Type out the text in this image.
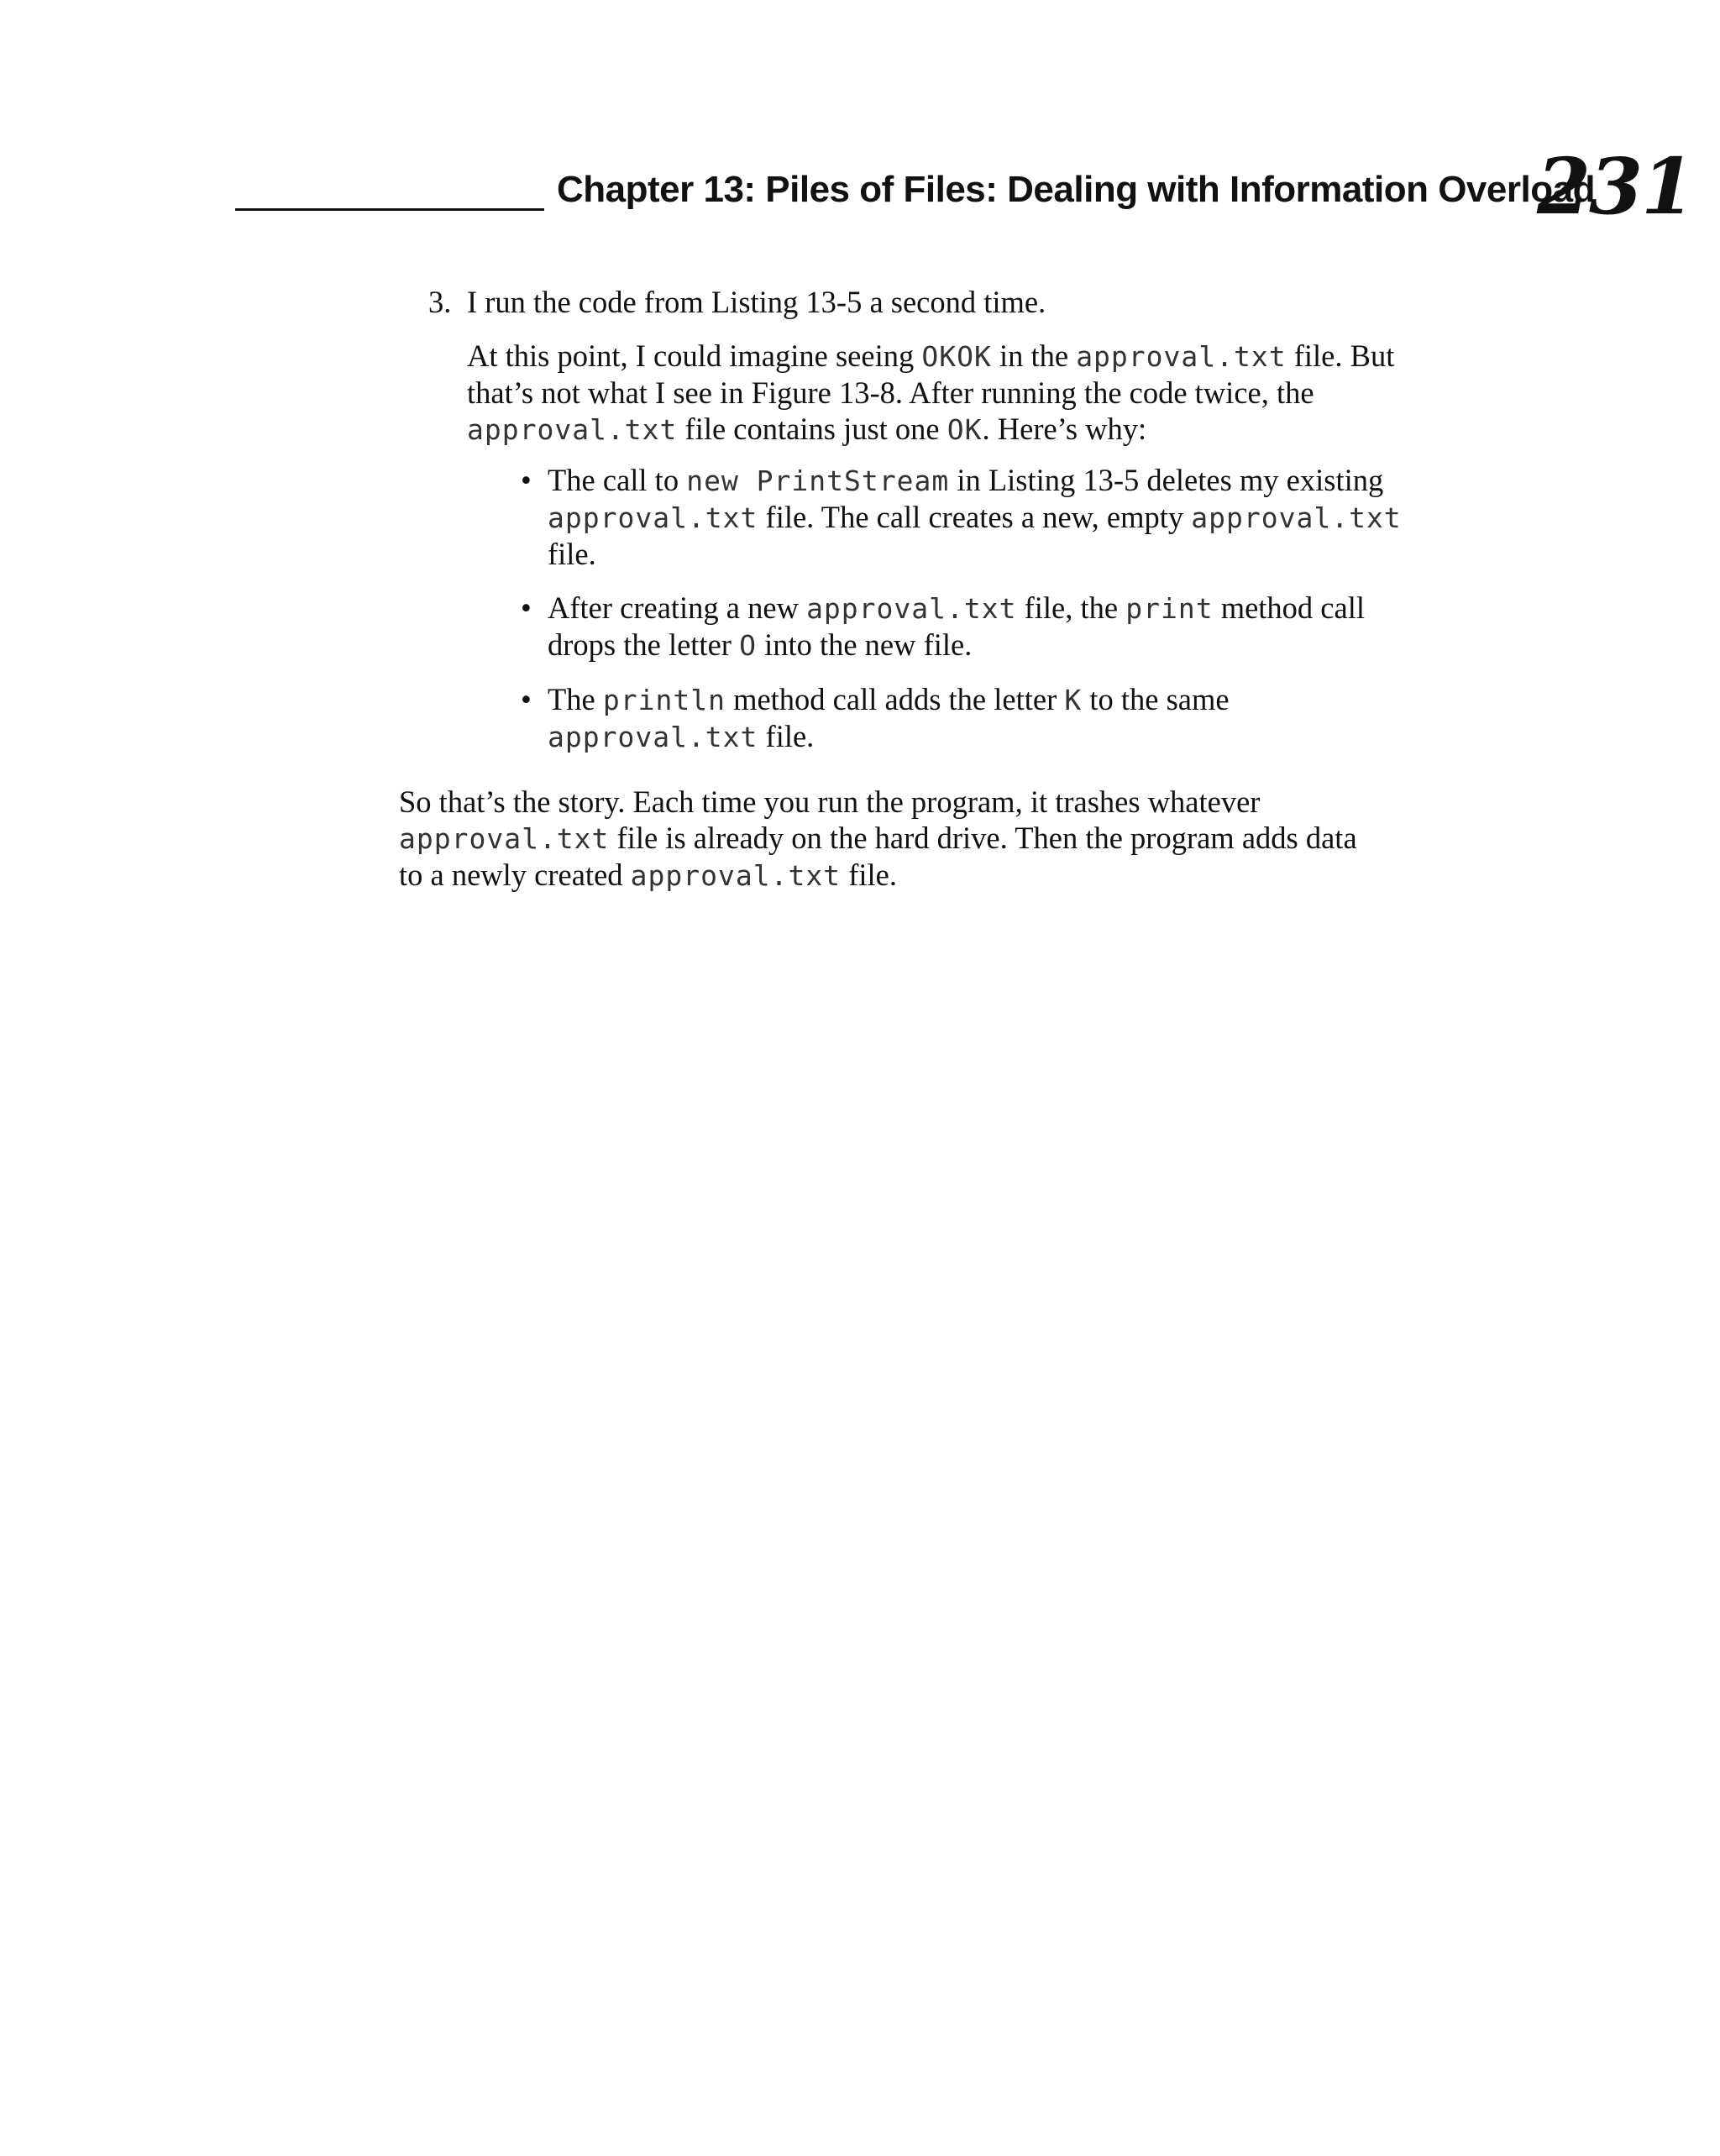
Chapter 13: Piles of Files: Dealing with Information Overload
231
3. I run the code from Listing 13-5 a second time.

At this point, I could imagine seeing OKOK in the approval.txt file. But
that’s not what I see in Figure 13-8. After running the code twice, the
approval.txt file contains just one OK. Here’s why:
• The call to new PrintStream in Listing 13-5 deletes my existing
approval.txt file. The call creates a new, empty approval.txt
file.
• After creating a new approval.txt file, the print method call
drops the letter O into the new file.
• The println method call adds the letter K to the same
approval.txt file.
So that’s the story. Each time you run the program, it trashes whatever
approval.txt file is already on the hard drive. Then the program adds data
to a newly created approval.txt file.
